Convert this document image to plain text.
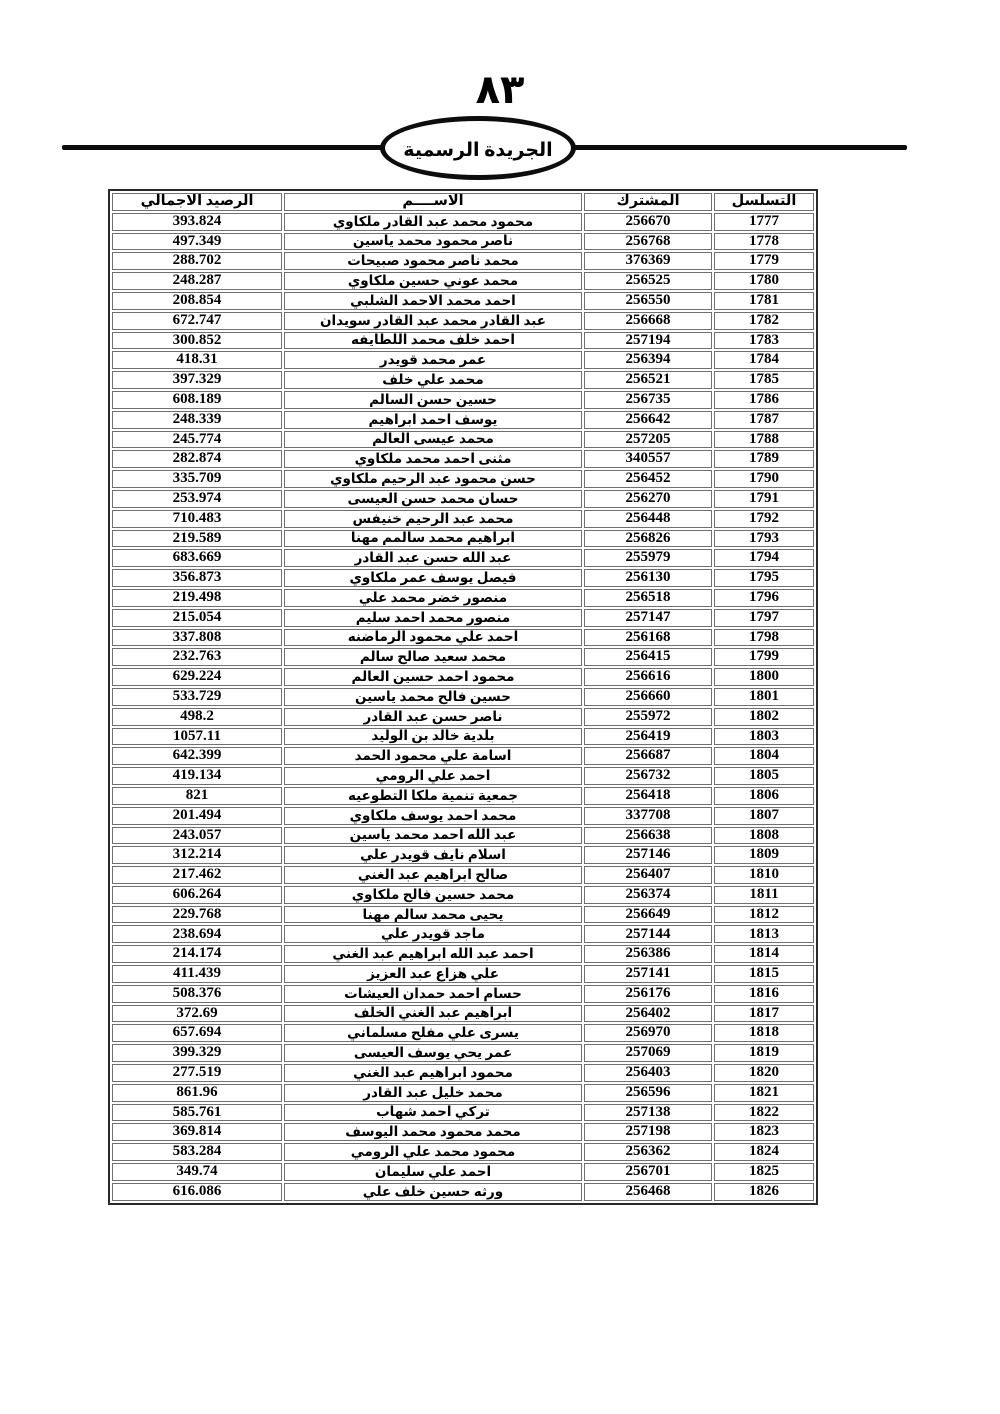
٨٣
الجريدة الرسمية
التسلسل	المشترك	الاســــم	الرصيد الاجمالي
1777	256670	محمود محمد عبد القادر ملكاوي	393.824
1778	256768	ناصر محمود محمد ياسين	497.349
1779	376369	محمد ناصر محمود صبيحات	288.702
1780	256525	محمد عوني حسين ملكاوي	248.287
1781	256550	احمد محمد الاحمد الشلبي	208.854
1782	256668	عبد القادر محمد عبد القادر سويدان	672.747
1783	257194	احمد خلف محمد اللطايفه	300.852
1784	256394	عمر محمد قويدر	418.31
1785	256521	محمد علي خلف	397.329
1786	256735	حسين حسن السالم	608.189
1787	256642	يوسف احمد ابراهيم	248.339
1788	257205	محمد عيسى العالم	245.774
1789	340557	مثنى احمد محمد ملكاوي	282.874
1790	256452	حسن محمود عبد الرحيم ملكاوي	335.709
1791	256270	حسان محمد حسن العيسى	253.974
1792	256448	محمد عبد الرحيم خنيفس	710.483
1793	256826	ابراهيم محمد سالمم مهنا	219.589
1794	255979	عبد الله حسن عبد القادر	683.669
1795	256130	فيصل يوسف عمر ملكاوي	356.873
1796	256518	منصور خضر محمد علي	219.498
1797	257147	منصور محمد احمد سليم	215.054
1798	256168	احمد علي محمود الرماضنه	337.808
1799	256415	محمد سعيد صالح سالم	232.763
1800	256616	محمود احمد حسين العالم	629.224
1801	256660	حسين فالح محمد ياسين	533.729
1802	255972	ناصر حسن عبد القادر	498.2
1803	256419	بلدية خالد بن الوليد	1057.11
1804	256687	اسامة علي محمود الحمد	642.399
1805	256732	احمد علي الرومي	419.134
1806	256418	جمعية تنمية ملكا التطوعيه	821
1807	337708	محمد احمد يوسف ملكاوي	201.494
1808	256638	عبد الله احمد محمد ياسين	243.057
1809	257146	اسلام نايف قويدر علي	312.214
1810	256407	صالح ابراهيم عبد الغني	217.462
1811	256374	محمد حسين فالح ملكاوي	606.264
1812	256649	يحيى محمد سالم مهنا	229.768
1813	257144	ماجد قويدر علي	238.694
1814	256386	احمد عبد الله ابراهيم عبد الغني	214.174
1815	257141	علي هزاع عبد العزيز	411.439
1816	256176	حسام احمد حمدان العيشات	508.376
1817	256402	ابراهيم عبد الغني الخلف	372.69
1818	256970	يسرى علي مفلح مسلماني	657.694
1819	257069	عمر يحي يوسف العيسى	399.329
1820	256403	محمود ابراهيم عبد الغني	277.519
1821	256596	محمد خليل عبد القادر	861.96
1822	257138	تركي احمد شهاب	585.761
1823	257198	محمد محمود محمد اليوسف	369.814
1824	256362	محمود محمد علي الرومي	583.284
1825	256701	احمد علي سليمان	349.74
1826	256468	ورثه حسين خلف علي	616.086
